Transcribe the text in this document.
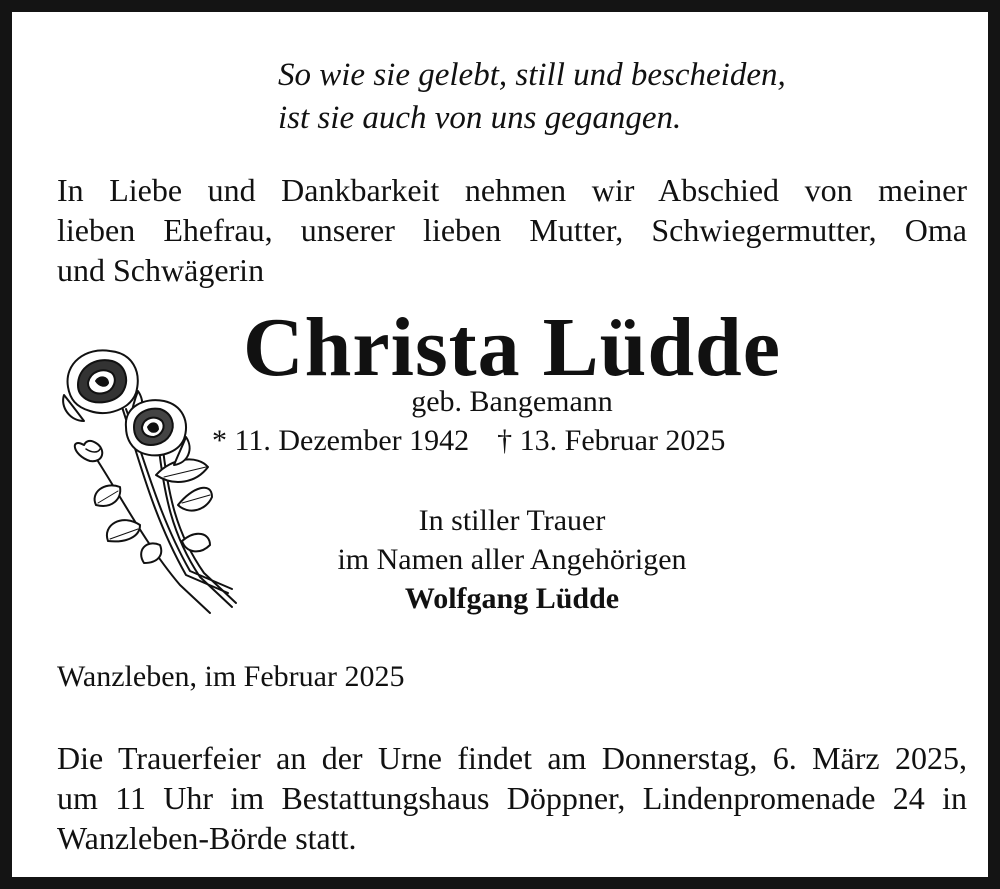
So wie sie gelebt, still und bescheiden,
ist sie auch von uns gegangen.
In Liebe und Dankbarkeit nehmen wir Abschied von meiner
lieben Ehefrau, unserer lieben Mutter, Schwiegermutter, Oma
und Schwägerin
Christa Lüdde
geb. Bangemann
* 11. Dezember 1942 † 13. Februar 2025
In stiller Trauer
im Namen aller Angehörigen
Wolfgang Lüdde
Wanzleben, im Februar 2025
Die Trauerfeier an der Urne findet am Donnerstag, 6. März 2025,
um 11 Uhr im Bestattungshaus Döppner, Lindenpromenade 24 in
Wanzleben-Börde statt.
